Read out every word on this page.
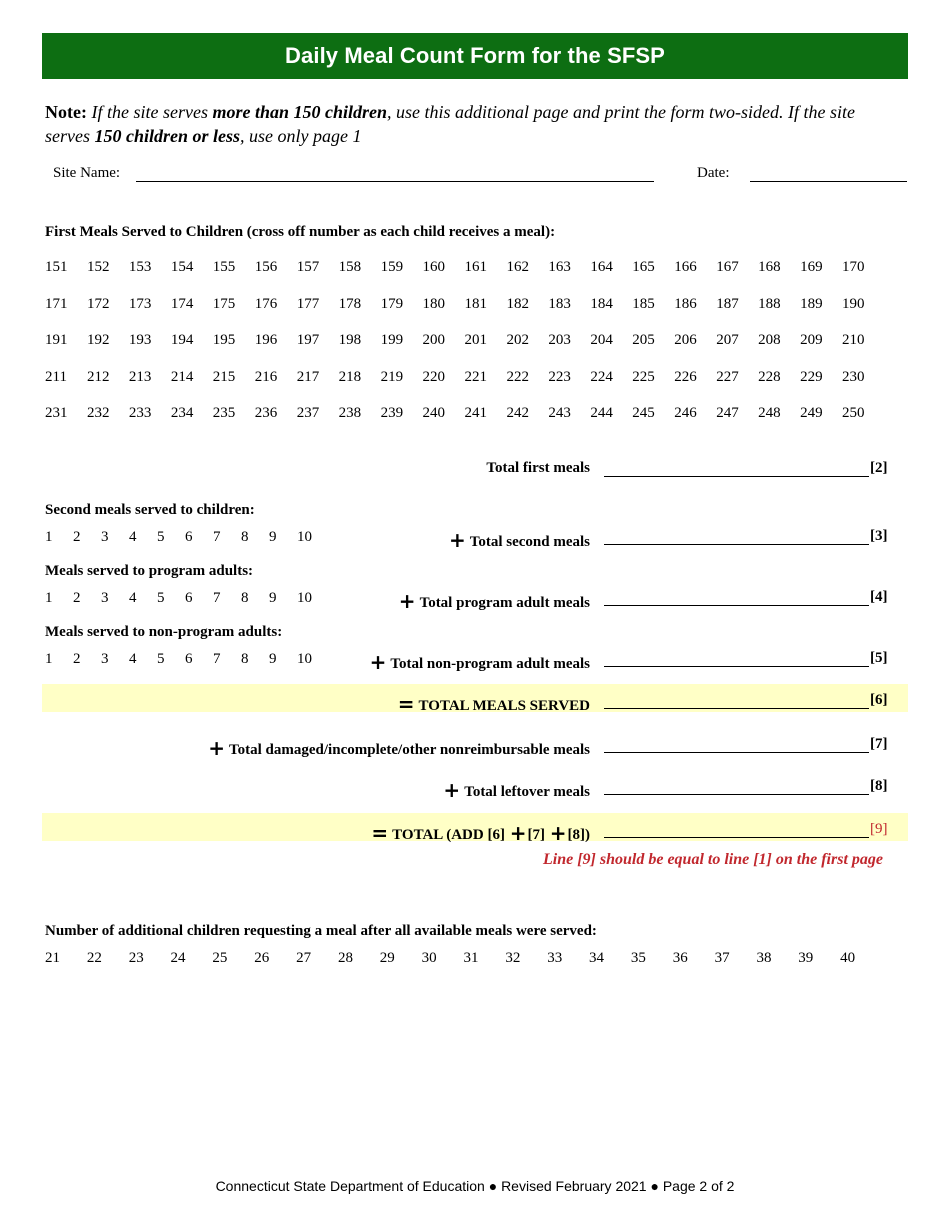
Daily Meal Count Form for the SFSP
Note: If the site serves more than 150 children, use this additional page and print the form two-sided. If the site serves 150 children or less, use only page 1
Site Name:	Date:
First Meals Served to Children (cross off number as each child receives a meal):
151 152 153 154 155 156 157 158 159 160 161 162 163 164 165 166 167 168 169 170
171 172 173 174 175 176 177 178 179 180 181 182 183 184 185 186 187 188 189 190
191 192 193 194 195 196 197 198 199 200 201 202 203 204 205 206 207 208 209 210
211 212 213 214 215 216 217 218 219 220 221 222 223 224 225 226 227 228 229 230
231 232 233 234 235 236 237 238 239 240 241 242 243 244 245 246 247 248 249 250
Total first meals	[2]
Second meals served to children:
1 2 3 4 5 6 7 8 9 10	+ Total second meals	[3]
Meals served to program adults:
1 2 3 4 5 6 7 8 9 10	+ Total program adult meals	[4]
Meals served to non-program adults:
1 2 3 4 5 6 7 8 9 10	+ Total non-program adult meals	[5]
= TOTAL MEALS SERVED	[6]
+ Total damaged/incomplete/other nonreimbursable meals	[7]
+ Total leftover meals	[8]
= TOTAL (ADD [6] +[7] +[8])	[9]
Line [9] should be equal to line [1] on the first page
Number of additional children requesting a meal after all available meals were served:
21 22 23 24 25 26 27 28 29 30 31 32 33 34 35 36 37 38 39 40
Connecticut State Department of Education ● Revised February 2021 ● Page 2 of 2
